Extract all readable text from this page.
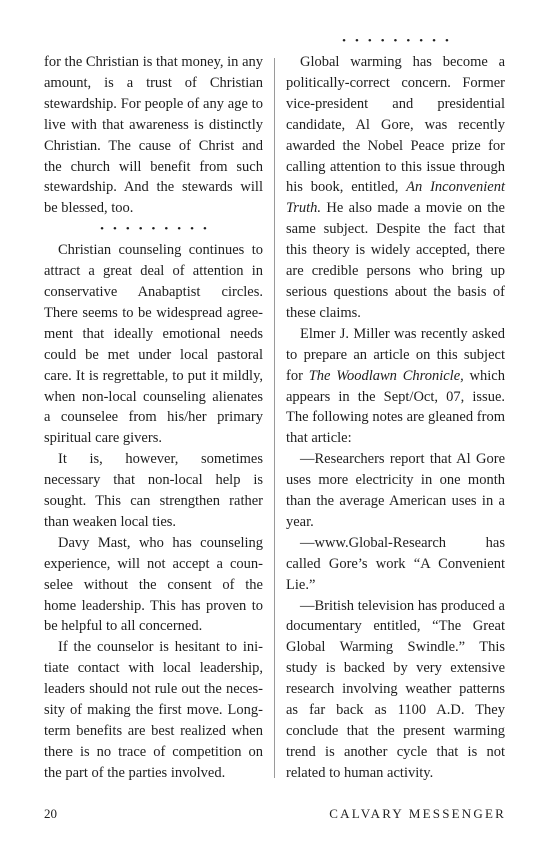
for the Christian is that money, in any amount, is a trust of Christian stewardship. For people of any age to live with that awareness is distinctly Christian. The cause of Christ and the church will benefit from such stewardship. And the stewards will be blessed, too.

•••••••••

Christian counseling continues to attract a great deal of attention in conservative Anabaptist circles. There seems to be widespread agreement that ideally emotional needs could be met under local pastoral care. It is regrettable, to put it mildly, when non-local counseling alienates a counselee from his/her primary spiritual care givers.

It is, however, sometimes necessary that non-local help is sought. This can strengthen rather than weaken local ties.

Davy Mast, who has counseling experience, will not accept a counselee without the consent of the home leadership. This has proven to be helpful to all concerned.

If the counselor is hesitant to initiate contact with local leadership, leaders should not rule out the necessity of making the first move. Long-term benefits are best realized when there is no trace of competition on the part of the parties involved.

•••••••••

Global warming has become a politically-correct concern. Former vice-president and presidential candidate, Al Gore, was recently awarded the Nobel Peace prize for calling attention to this issue through his book, entitled, An Inconvenient Truth. He also made a movie on the same subject. Despite the fact that this theory is widely accepted, there are credible persons who bring up serious questions about the basis of these claims.

Elmer J. Miller was recently asked to prepare an article on this subject for The Woodlawn Chronicle, which appears in the Sept/Oct, 07, issue. The following notes are gleaned from that article:

—Researchers report that Al Gore uses more electricity in one month than the average American uses in a year.

—www.Global-Research has called Gore’s work “A Convenient Lie.”

—British television has produced a documentary entitled, “The Great Global Warming Swindle.” This study is backed by very extensive research involving weather patterns as far back as 1100 A.D. They conclude that the present warming trend is another cycle that is not related to human activity.

20	CALVARY MESSENGER
